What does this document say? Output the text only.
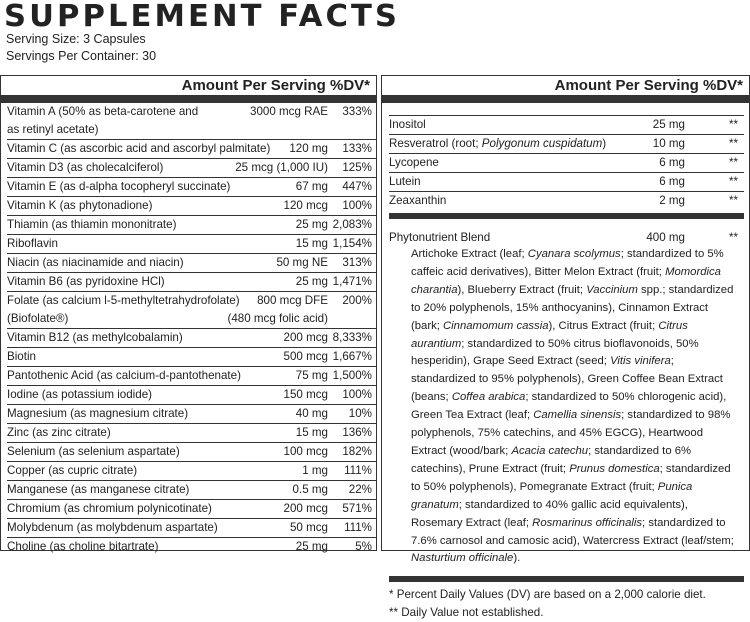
SUPPLEMENT FACTS
Serving Size: 3 Capsules
Servings Per Container: 30
Amount Per Serving %DV*
Vitamin A (50% as beta-carotene and	3000 mcg RAE 333%
as retinyl acetate)
Vitamin C (as ascorbic acid and ascorbyl palmitate) 120 mg 133%
Vitamin D3 (as cholecalciferol)	25 mcg (1,000 IU) 125%
Vitamin E (as d-alpha tocopheryl succinate)	67 mg 447%
Vitamin K (as phytonadione)	120 mcg 100%
Thiamin (as thiamin mononitrate)	25 mg 2,083%
Riboflavin	15 mg 1,154%
Niacin (as niacinamide and niacin)	50 mg NE 313%
Vitamin B6 (as pyridoxine HCl)	25 mg 1,471%
Folate (as calcium l-5-methyltetrahydrofolate) 800 mcg DFE 200%
(Biofolate®)	(480 mcg folic acid)
Vitamin B12 (as methylcobalamin)	200 mcg 8,333%
Biotin	500 mcg 1,667%
Pantothenic Acid (as calcium-d-pantothenate)	75 mg 1,500%
Iodine (as potassium iodide)	150 mcg 100%
Magnesium (as magnesium citrate)	40 mg 10%
Zinc (as zinc citrate)	15 mg 136%
Selenium (as selenium aspartate)	100 mcg 182%
Copper (as cupric citrate)	1 mg 111%
Manganese (as manganese citrate)	0.5 mg 22%
Chromium (as chromium polynicotinate)	200 mcg 571%
Molybdenum (as molybdenum aspartate)	50 mcg 111%
Choline (as choline bitartrate)	25 mg 5%
Amount Per Serving %DV*
Inositol	25 mg	**
Resveratrol (root; Polygonum cuspidatum)	10 mg	**
Lycopene	6 mg	**
Lutein	6 mg	**
Zeaxanthin	2 mg	**
Phytonutrient Blend	400 mg	**
Artichoke Extract (leaf; Cyanara scolymus; standardized to 5% caffeic acid derivatives), Bitter Melon Extract (fruit; Momordica charantia), Blueberry Extract (fruit; Vaccinium spp.; standardized to 20% polyphenols, 15% anthocyanins), Cinnamon Extract (bark; Cinnamomum cassia), Citrus Extract (fruit; Citrus aurantium; standardized to 50% citrus bioflavonoids, 50% hesperidin), Grape Seed Extract (seed; Vitis vinifera; standardized to 95% polyphenols), Green Coffee Bean Extract (beans; Coffea arabica; standardized to 50% chlorogenic acid), Green Tea Extract (leaf; Camellia sinensis; standardized to 98% polyphenols, 75% catechins, and 45% EGCG), Heartwood Extract (wood/bark; Acacia catechu; standardized to 6% catechins), Prune Extract (fruit; Prunus domestica; standardized to 50% polyphenols), Pomegranate Extract (fruit; Punica granatum; standardized to 40% gallic acid equivalents), Rosemary Extract (leaf; Rosmarinus officinalis; standardized to 7.6% carnosol and camosic acid), Watercress Extract (leaf/stem; Nasturtium officinale).
* Percent Daily Values (DV) are based on a 2,000 calorie diet.
** Daily Value not established.
